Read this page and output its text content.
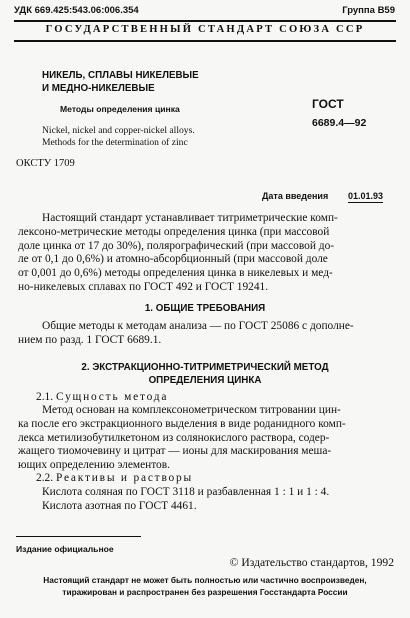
УДК 669.425:543.06:006.354	Группа В59
ГОСУДАРСТВЕННЫЙ СТАНДАРТ СОЮЗА ССР
НИКЕЛЬ, СПЛАВЫ НИКЕЛЕВЫЕ
И МЕДНО-НИКЕЛЕВЫЕ
Методы определения цинка
Nickel, nickel and copper-nickel alloys.
Methods for the determination of zinc
ГОСТ
6689.4—92
ОКСТУ 1709
Дата введения 01.01.93
Настоящий стандарт устанавливает титриметрические комп-
лексоно-метрические методы определения цинка (при массовой
доле цинка от 17 до 30%), полярографический (при массовой до-
ле от 0,1 до 0,6%) и атомно-абсорбционный (при массовой доле
от 0,001 до 0,6%) методы определения цинка в никелевых и мед-
но-никелевых сплавах по ГОСТ 492 и ГОСТ 19241.
1. ОБЩИЕ ТРЕБОВАНИЯ
Общие методы к методам анализа — по ГОСТ 25086 с дополне-
нием по разд. 1 ГОСТ 6689.1.
2. ЭКСТРАКЦИОННО-ТИТРИМЕТРИЧЕСКИЙ МЕТОД
ОПРЕДЕЛЕНИЯ ЦИНКА
2.1. Сущность метода
Метод основан на комплексонометрическом титровании цин-
ка после его экстракционного выделения в виде роданидного комп-
лекса метилизобутилкетоном из солянокислого раствора, содер-
жащего тиомочевину и цитрат — ионы для маскирования меша-
ющих определению элементов.
2.2. Реактивы и растворы
Кислота соляная по ГОСТ 3118 и разбавленная 1 : 1 и 1 : 4.
Кислота азотная по ГОСТ 4461.
Издание официальное
© Издательство стандартов, 1992
Настоящий стандарт не может быть полностью или частично воспроизведен,
тиражирован и распространен без разрешения Госстандарта России
